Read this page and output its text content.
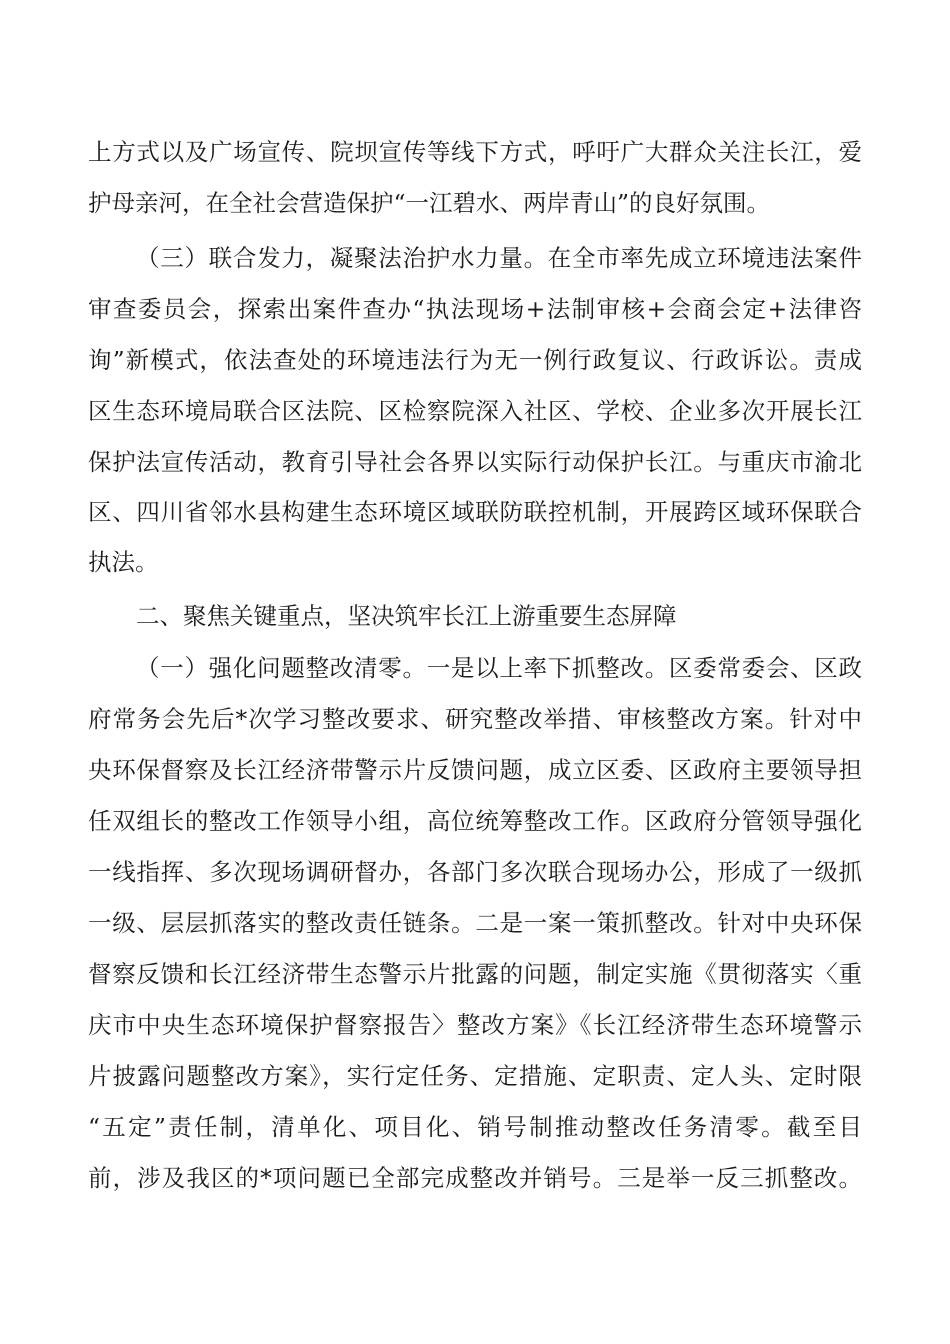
上方式以及广场宣传、院坝宣传等线下方式，呼吁广大群众关注长江，爱
护母亲河，在全社会营造保护“一江碧水、两岸青山”的良好氛围。
（三）联合发力，凝聚法治护水力量。在全市率先成立环境违法案件
审查委员会，探索出案件查办“执法现场+法制审核+会商会定+法律咨
询”新模式，依法查处的环境违法行为无一例行政复议、行政诉讼。责成
区生态环境局联合区法院、区检察院深入社区、学校、企业多次开展长江
保护法宣传活动，教育引导社会各界以实际行动保护长江。与重庆市渝北
区、四川省邻水县构建生态环境区域联防联控机制，开展跨区域环保联合
执法。
二、聚焦关键重点，坚决筑牢长江上游重要生态屏障
（一）强化问题整改清零。一是以上率下抓整改。区委常委会、区政
府常务会先后*次学习整改要求、研究整改举措、审核整改方案。针对中
央环保督察及长江经济带警示片反馈问题，成立区委、区政府主要领导担
任双组长的整改工作领导小组，高位统筹整改工作。区政府分管领导强化
一线指挥、多次现场调研督办，各部门多次联合现场办公，形成了一级抓
一级、层层抓落实的整改责任链条。二是一案一策抓整改。针对中央环保
督察反馈和长江经济带生态警示片批露的问题，制定实施《贯彻落实〈重
庆市中央生态环境保护督察报告〉整改方案》《长江经济带生态环境警示
片披露问题整改方案》，实行定任务、定措施、定职责、定人头、定时限
“五定”责任制，清单化、项目化、销号制推动整改任务清零。截至目
前，涉及我区的*项问题已全部完成整改并销号。三是举一反三抓整改。
